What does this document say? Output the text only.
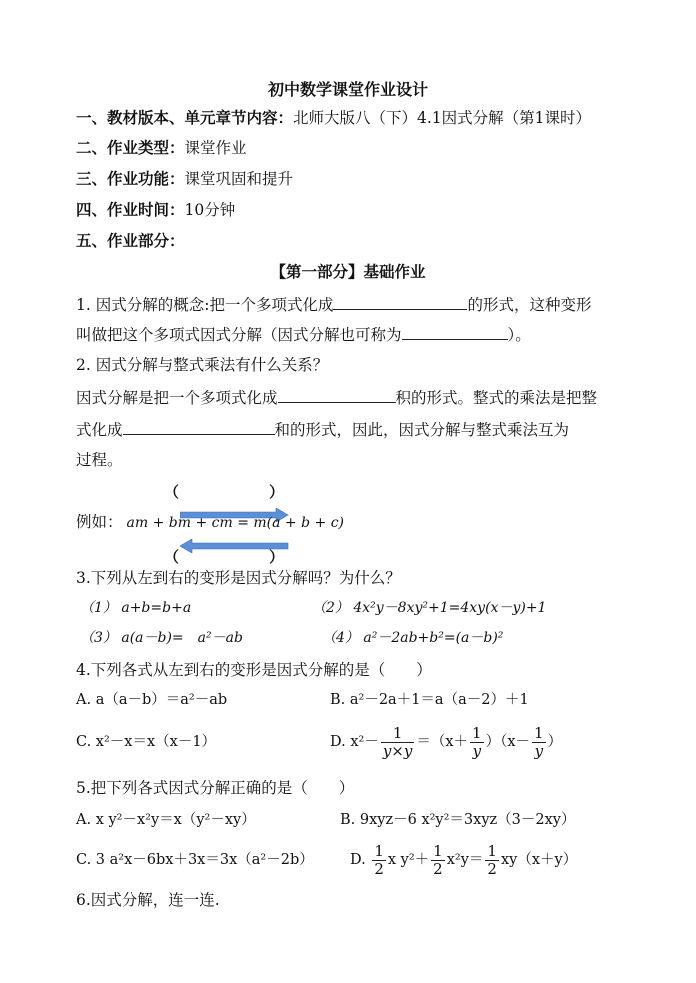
初中数学课堂作业设计
一、教材版本、单元章节内容：北师大版八（下）4.1因式分解（第1课时）
二、作业类型：课堂作业
三、作业功能：课堂巩固和提升
四、作业时间：10分钟
五、作业部分：
【第一部分】基础作业
1. 因式分解的概念:把一个多项式化成	的形式，这种变形
叫做把这个多项式因式分解（因式分解也可称为	）。
2. 因式分解与整式乘法有什么关系？
因式分解是把一个多项式化成	积的形式。整式的乘法是把整
式化成	和的形式，因此，因式分解与整式乘法互为
过程。
（　　　　　　）
例如： am + bm + cm = m(a + b + c)
（　　　　　　）
3.下列从左到右的变形是因式分解吗？为什么？
（1） a+b=b+a	（2） 4x²y－8xy²+1=4xy(x－y)+1
（3） a(a－b)=　a²－ab	（4） a²－2ab+b²=(a－b)²
4.下列各式从左到右的变形是因式分解的是（　　）
A. a（a－b）＝a²－ab	B. a²－2a＋1＝a（a－2）＋1
C. x²－x＝x（x－1）	D. $x^2- \frac{1}{y\times y} =(x+ \frac{1}{y} )(x- \frac{1}{y}$ ）
5.把下列各式因式分解正确的是（　　）
A. x y²－x²y＝x（y²－xy）	B. 9xyz－6 x²y²＝3xyz（3－2xy）
C. 3 a²x－6bx＋3x＝3x（a²－2b）	D. $\frac{1}{2}$ x $y^2+ \frac{1}{2} x^2y= \frac{1}{2} xy(x+y)$
6.因式分解，连一连.
